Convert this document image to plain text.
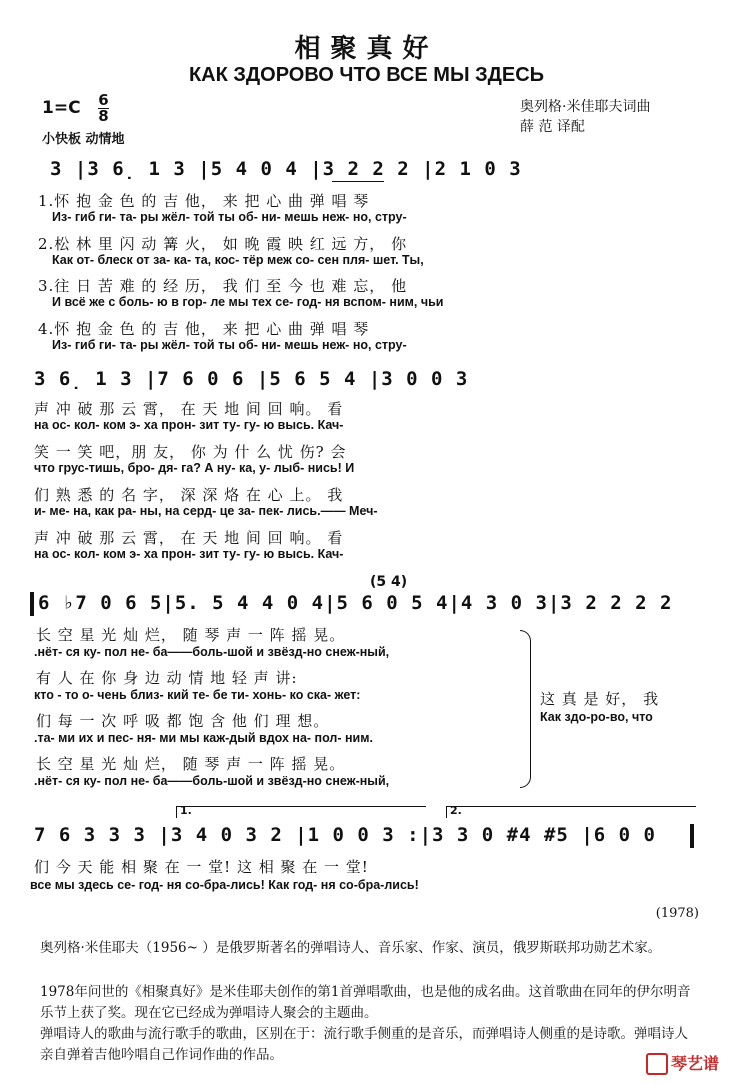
相聚真好
КАК ЗДОРОВО ЧТО ВСЕ МЫ ЗДЕСЬ
奥列格·米佳耶夫词曲
薛 范 译配
1=C 6
8
小快板 动情地
3 |3 6̣ 1 3 |5 4 0 4 |3 2 2 2 |2 1 0 3
1.怀 抱 金 色 的 吉 他， 来 把 心 曲 弹 唱 琴
Из- гиб ги- та- ры жёл- той ты об- ни- мешь неж- но, стру-
2.松 林 里 闪 动 篝 火， 如 晚 霞 映 红 远 方， 你
Как от- блеск от за- ка- та, кос- тёр меж со- сен пля- шет. Ты,
3.往 日 苦 难 的 经 历， 我 们 至 今 也 难 忘， 他
И всё же с боль- ю в гор- ле мы тех се- год- ня вспом- ним, чьи
4.怀 抱 金 色 的 吉 他， 来 把 心 曲 弹 唱 琴
Из- гиб ги- та- ры жёл- той ты об- ни- мешь неж- но, стру-
3 6̣ 1 3 |7 6 0 6 |5 6 5 4 |3 0 0 3
声 冲 破 那 云 霄， 在 天 地 间 回 响。 看
на ос- кол- ком э- ха прон- зит ту- гу- ю высь. Кач-
笑 一 笑 吧，朋 友， 你 为 什 么 忧 伤? 会
что грус-тишь, бро- дя- га? А ну- ка, у- лыб- нись! И
们 熟 悉 的 名 字， 深 深 烙 在 心 上。 我
и- ме- на, как ра- ны, на серд- це за- пек- лись.—— Меч-
声 冲 破 那 云 霄， 在 天 地 间 回 响。 看
на ос- кол- ком э- ха прон- зит ту- гу- ю высь. Кач-
(5 4)
6 ♭7 0 6 5|5. 5 4 4 0 4|5 6 0 5 4|4 3 0 3|3 2 2 2 2
长 空 星 光 灿 烂， 随 琴 声 一 阵 摇 晃。
.нёт- ся ку- пол не- ба——боль-шой и звёзд-но снеж-ный,
有 人 在 你 身 边 动 情 地 轻 声 讲:
кто - то о- чень близ- кий те- бе ти- хонь- ко ска- жет:
们 每 一 次 呼 吸 都 饱 含 他 们 理 想。
.та- ми их и пес- ня- ми мы каж-дый вдох на- пол- ним.
长 空 星 光 灿 烂， 随 琴 声 一 阵 摇 晃。
.нёт- ся ку- пол не- ба——боль-шой и звёзд-но снеж-ный,
这 真 是 好， 我
Как здо-ро-во, что
1.	2.
7 6 3 3 3 |3 4 0 3 2 |1 0 0 3 :|3 3 0 #4 #5 |6 0 0
们 今 天 能 相 聚 在 一 堂! 这 相 聚 在 一 堂!
все мы здесь се- год- ня со-бра-лись! Как год- ня со-бра-лись!
(1978)
奥列格·米佳耶夫（1956~ ）是俄罗斯著名的弹唱诗人、音乐家、作家、演员，俄罗斯联邦功勋艺术家。
1978年问世的《相聚真好》是米佳耶夫创作的第1首弹唱歌曲，也是他的成名曲。这首歌曲在同年的伊尔明音乐节上获了奖。现在它已经成为弹唱诗人聚会的主题曲。
弹唱诗人的歌曲与流行歌手的歌曲，区别在于：流行歌手侧重的是音乐，而弹唱诗人侧重的是诗歌。弹唱诗人亲自弹着吉他吟唱自己作词作曲的作品。	琴艺谱
